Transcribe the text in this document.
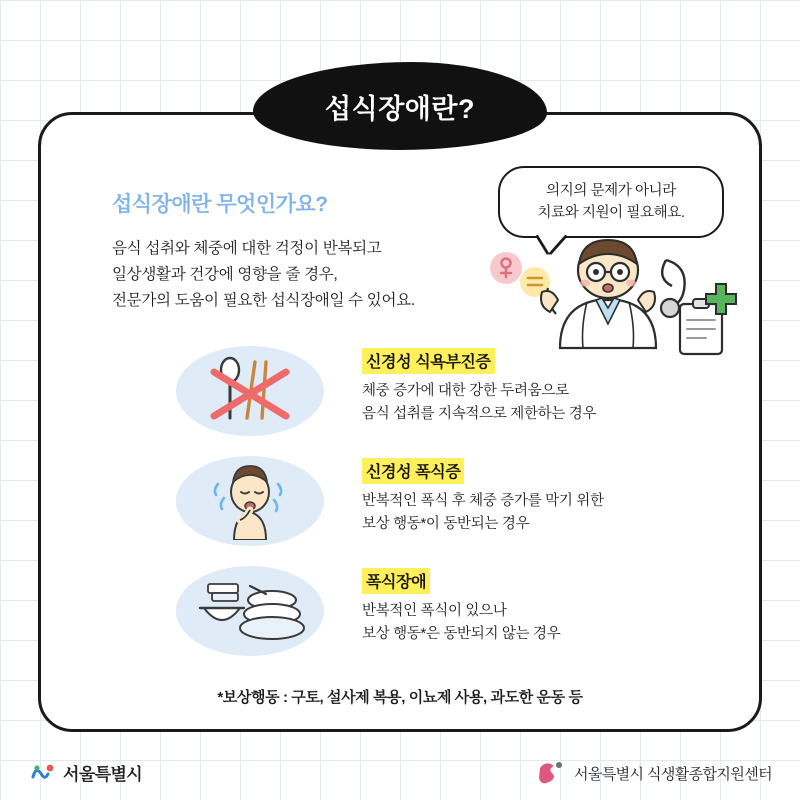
섭식장애란?
섭식장애란 무엇인가요?
음식 섭취와 체중에 대한 걱정이 반복되고
일상생활과 건강에 영향을 줄 경우,
전문가의 도움이 필요한 섭식장애일 수 있어요.
의지의 문제가 아니라
치료와 지원이 필요해요.
신경성 식욕부진증
체중 증가에 대한 강한 두려움으로
음식 섭취를 지속적으로 제한하는 경우
신경성 폭식증
반복적인 폭식 후 체중 증가를 막기 위한
보상 행동*이 동반되는 경우
폭식장애
반복적인 폭식이 있으나
보상 행동*은 동반되지 않는 경우
*보상행동 : 구토, 설사제 복용, 이뇨제 사용, 과도한 운동 등
서울특별시	서울특별시 식생활종합지원센터
